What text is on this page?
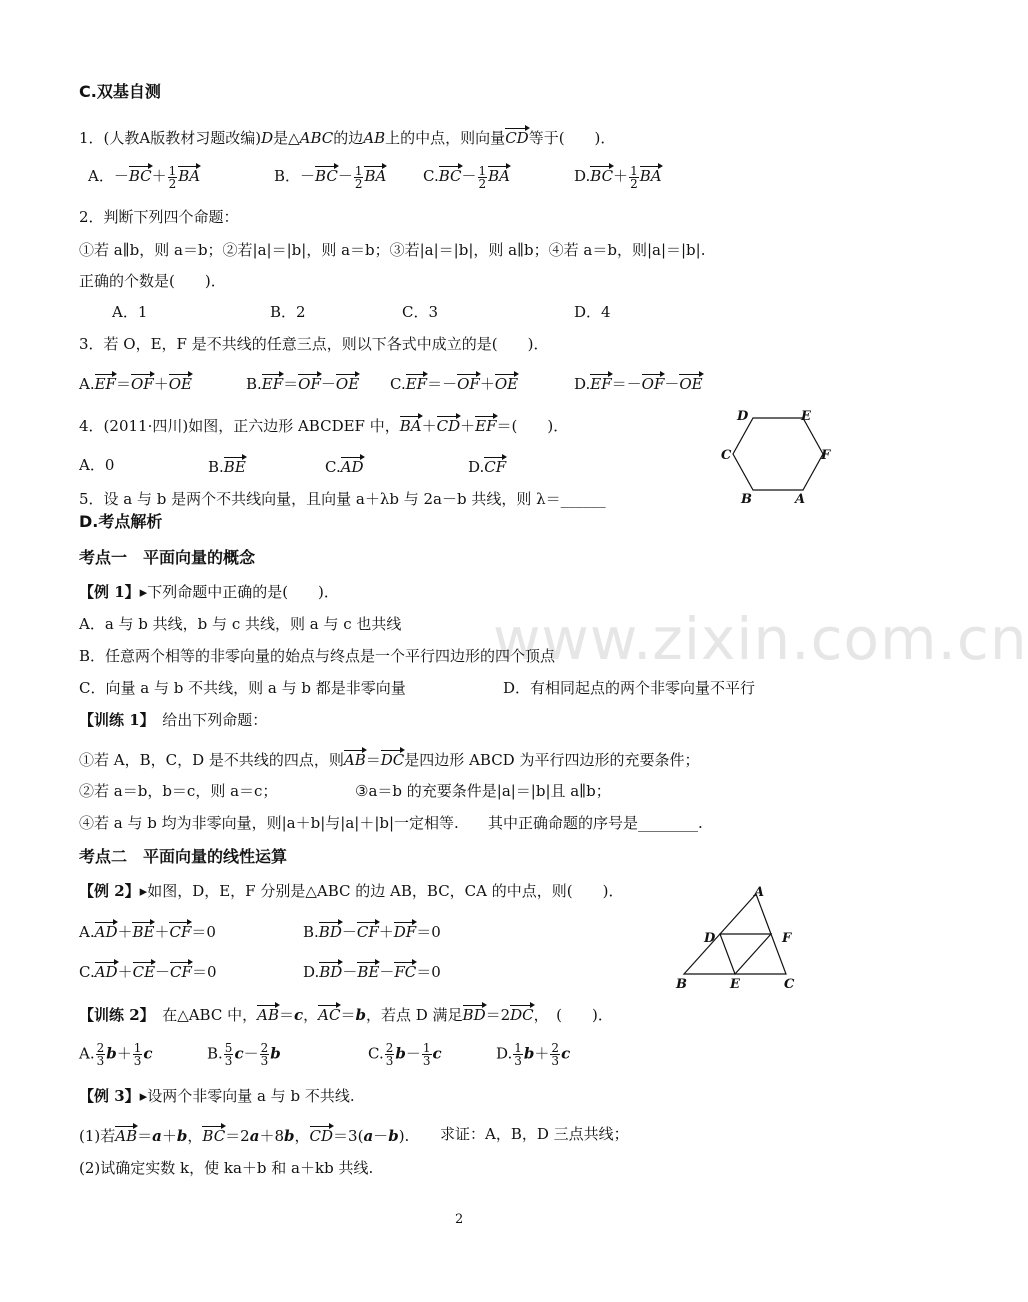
www.zixin.com.cn
C.双基自测
1．(人教A版教材习题改编)D是△ABC的边AB上的中点，则向量CD等于(　　)．
A．$-BC+ \frac{1}{2}$ BA	B．$-BC- \frac{1}{2}$ BA $C.BC- \frac{1}{2}$ BA	$D.BC+ \frac{1}{2}$ BA
2．判断下列四个命题：
①若 a∥b，则 a＝b；②若|a|＝|b|，则 a＝b；③若|a|＝|b|，则 a∥b；④若 a＝b，则|a|＝|b|.
正确的个数是(　　)．
A．1	B．2	C．3	D．4
3．若 O，E，F 是不共线的任意三点，则以下各式中成立的是(　　)．
A.EF＝OF＋OE	B.EF＝OF－OE C.EF＝－OF＋OE	D.EF＝－OF－OE
4．(2011·四川)如图，正六边形 ABCDEF 中，BA＋CD＋EF＝(　　)．
A．0	B.BE	C.AD	D.CF
D	E
C	F
B	A
5．设 a 与 b 是两个不共线向量，且向量 a＋λb 与 2a－b 共线，则 λ＝______
D.考点解析
考点一　平面向量的概念
【例 1】▸下列命题中正确的是(　　)．
A．a 与 b 共线，b 与 c 共线，则 a 与 c 也共线
B．任意两个相等的非零向量的始点与终点是一个平行四边形的四个顶点
C．向量 a 与 b 不共线，则 a 与 b 都是非零向量	D．有相同起点的两个非零向量不平行
【训练 1】　 给出下列命题：
①若 A，B，C，D 是不共线的四点，则AB＝DC是四边形 ABCD 为平行四边形的充要条件；
②若 a＝b，b＝c，则 a＝c；	③a＝b 的充要条件是|a|＝|b|且 a∥b；
④若 a 与 b 均为非零向量，则|a＋b|与|a|＋|b|一定相等. 其中正确命题的序号是________.
考点二　平面向量的线性运算
【例 2】▸如图，D，E，F 分别是△ABC 的边 AB，BC，CA 的中点，则(　　)．
A.AD＋BE＋CF＝0	B.BD－CF＋DF＝0
C.AD＋CE－CF＝0	D.BD－BE－FC＝0
A
D	F
B	E	C
【训练 2】　 在△ABC 中，AB＝c，AC＝b，若点 D 满足BD＝2DC，　(　　)．
A. $\frac{2}{3} b+ \frac{1}{3}$ c	B. $\frac{5}{3} c- \frac{2}{3}$ b	C. $\frac{2}{3} b- \frac{1}{3}$ c	D. $\frac{1}{3} b+ \frac{2}{3}$ c
【例 3】▸设两个非零向量 a 与 b 不共线.
(1)若AB＝a＋b，BC＝2a＋8b，CD＝3(a－b). 求证：A，B，D 三点共线；
(2)试确定实数 k，使 ka＋b 和 a＋kb 共线.
2
